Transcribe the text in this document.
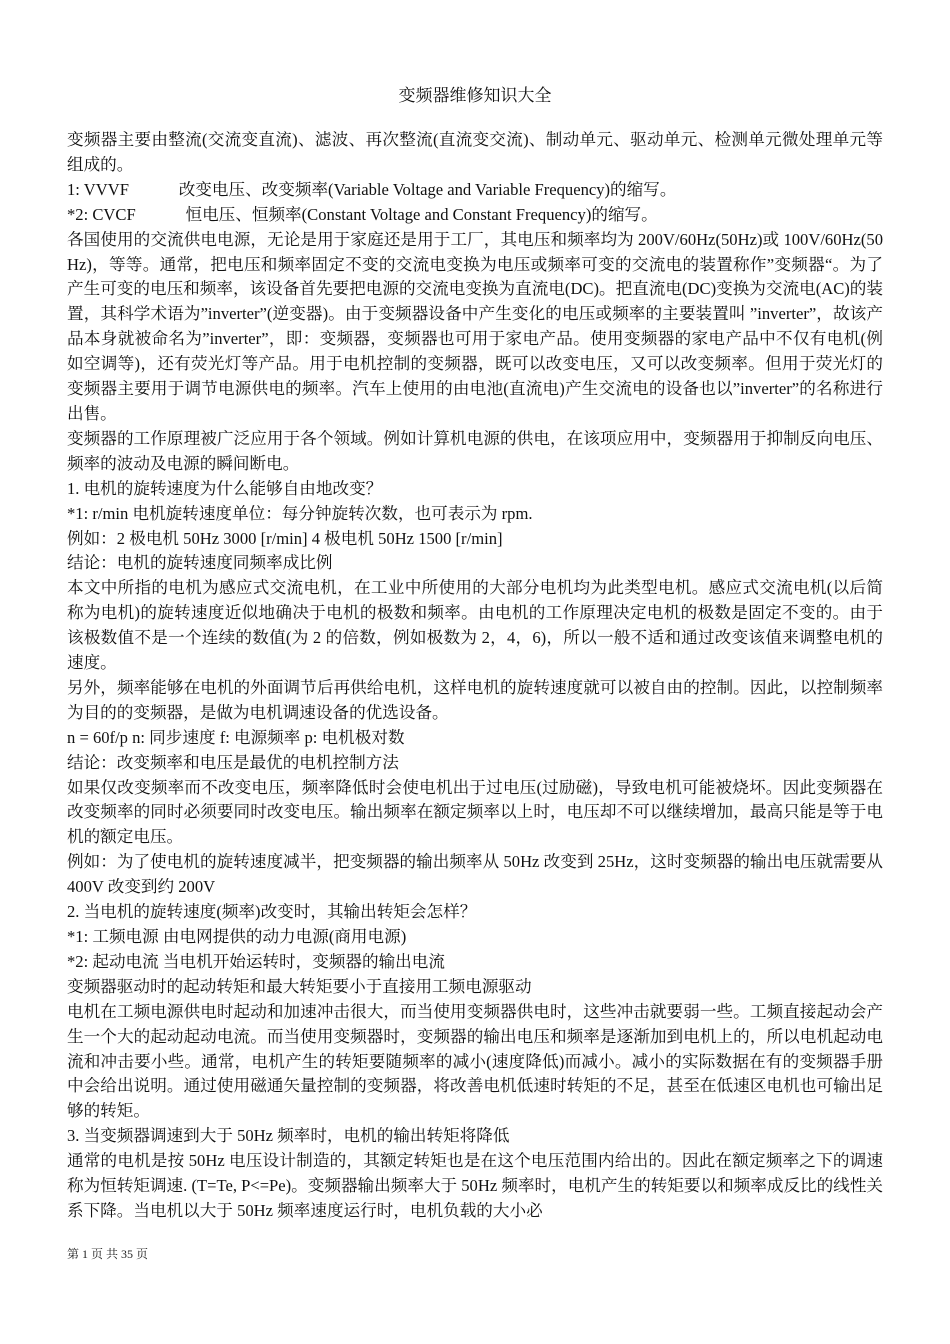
变频器维修知识大全

变频器主要由整流(交流变直流)、滤波、再次整流(直流变交流)、制动单元、驱动单元、检测单元微处理单元等组成的。

1: VVVF　　　改变电压、改变频率(Variable Voltage and Variable Frequency)的缩写。

*2: CVCF　　　恒电压、恒频率(Constant Voltage and Constant Frequency)的缩写。

各国使用的交流供电电源，无论是用于家庭还是用于工厂，其电压和频率均为 200V/60Hz(50Hz)或 100V/60Hz(50Hz)，等等。通常，把电压和频率固定不变的交流电变换为电压或频率可变的交流电的装置称作”变频器“。为了产生可变的电压和频率，该设备首先要把电源的交流电变换为直流电(DC)。把直流电(DC)变换为交流电(AC)的装置，其科学术语为”inverter”(逆变器)。由于变频器设备中产生变化的电压或频率的主要装置叫 ”inverter”，故该产品本身就被命名为”inverter”，即：变频器，变频器也可用于家电产品。使用变频器的家电产品中不仅有电机(例如空调等)，还有荧光灯等产品。用于电机控制的变频器，既可以改变电压，又可以改变频率。但用于荧光灯的变频器主要用于调节电源供电的频率。汽车上使用的由电池(直流电)产生交流电的设备也以”inverter”的名称进行出售。

变频器的工作原理被广泛应用于各个领域。例如计算机电源的供电，在该项应用中，变频器用于抑制反向电压、频率的波动及电源的瞬间断电。

1. 电机的旋转速度为什么能够自由地改变？

*1: r/min 电机旋转速度单位：每分钟旋转次数，也可表示为 rpm.

例如：2 极电机 50Hz 3000 [r/min] 4 极电机 50Hz 1500 [r/min]

结论：电机的旋转速度同频率成比例

本文中所指的电机为感应式交流电机，在工业中所使用的大部分电机均为此类型电机。感应式交流电机(以后简称为电机)的旋转速度近似地确决于电机的极数和频率。由电机的工作原理决定电机的极数是固定不变的。由于该极数值不是一个连续的数值(为 2 的倍数，例如极数为 2，4，6)，所以一般不适和通过改变该值来调整电机的速度。

另外，频率能够在电机的外面调节后再供给电机，这样电机的旋转速度就可以被自由的控制。因此，以控制频率为目的的变频器，是做为电机调速设备的优选设备。

n = 60f/p n: 同步速度 f: 电源频率 p: 电机极对数

结论：改变频率和电压是最优的电机控制方法

如果仅改变频率而不改变电压，频率降低时会使电机出于过电压(过励磁)，导致电机可能被烧坏。因此变频器在改变频率的同时必须要同时改变电压。输出频率在额定频率以上时，电压却不可以继续增加，最高只能是等于电机的额定电压。

例如：为了使电机的旋转速度减半，把变频器的输出频率从 50Hz 改变到 25Hz，这时变频器的输出电压就需要从 400V 改变到约 200V

2. 当电机的旋转速度(频率)改变时，其输出转矩会怎样？

*1: 工频电源 由电网提供的动力电源(商用电源)

*2: 起动电流 当电机开始运转时，变频器的输出电流

变频器驱动时的起动转矩和最大转矩要小于直接用工频电源驱动

电机在工频电源供电时起动和加速冲击很大，而当使用变频器供电时，这些冲击就要弱一些。工频直接起动会产生一个大的起动起动电流。而当使用变频器时，变频器的输出电压和频率是逐渐加到电机上的，所以电机起动电流和冲击要小些。通常，电机产生的转矩要随频率的减小(速度降低)而减小。减小的实际数据在有的变频器手册中会给出说明。通过使用磁通矢量控制的变频器，将改善电机低速时转矩的不足，甚至在低速区电机也可输出足够的转矩。

3. 当变频器调速到大于 50Hz 频率时，电机的输出转矩将降低

通常的电机是按 50Hz 电压设计制造的，其额定转矩也是在这个电压范围内给出的。因此在额定频率之下的调速称为恒转矩调速. (T=Te, P<=Pe)。变频器输出频率大于 50Hz 频率时，电机产生的转矩要以和频率成反比的线性关系下降。当电机以大于 50Hz 频率速度运行时，电机负载的大小必

第 1 页 共 35 页
